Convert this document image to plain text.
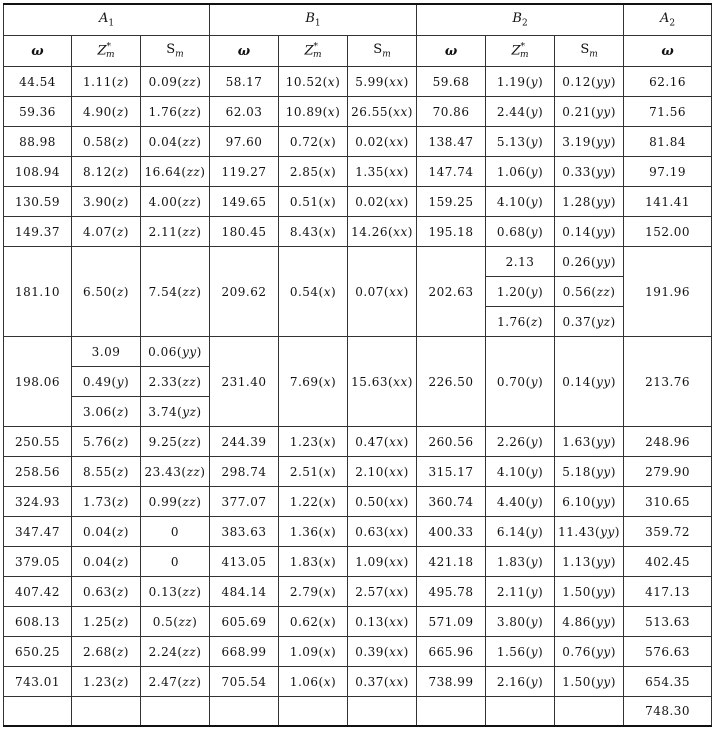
$A_1$			$B_1$			$B_2$			$A_2$
ω	$Z^*_m$	$S_m$	ω	$Z^*_m$	$S_m$	ω	$Z^*_m$	$S_m$	ω
44.54	1.11(z)	0.09(zz)	58.17	10.52(x)	5.99(xx)	59.68	1.19(y)	0.12(yy)	62.16
59.36	4.90(z)	1.76(zz)	62.03	10.89(x)	26.55(xx)	70.86	2.44(y)	0.21(yy)	71.56
88.98	0.58(z)	0.04(zz)	97.60	0.72(x)	0.02(xx)	138.47	5.13(y)	3.19(yy)	81.84
108.94	8.12(z)	16.64(zz)	119.27	2.85(x)	1.35(xx)	147.74	1.06(y)	0.33(yy)	97.19
130.59	3.90(z)	4.00(zz)	149.65	0.51(x)	0.02(xx)	159.25	4.10(y)	1.28(yy)	141.41
149.37	4.07(z)	2.11(zz)	180.45	8.43(x)	14.26(xx)	195.18	0.68(y)	0.14(yy)	152.00
181.10	6.50(z)	7.54(zz)	209.62	0.54(x)	0.07(xx)	202.63	2.13	0.26(yy)	191.96
							1.20(y)	0.56(zz)	
							1.76(z)	0.37(yz)	
198.06	3.09	0.06(yy)	231.40	7.69(x)	15.63(xx)	226.50	0.70(y)	0.14(yy)	213.76
	0.49(y)	2.33(zz)							
	3.06(z)	3.74(yz)							
250.55	5.76(z)	9.25(zz)	244.39	1.23(x)	0.47(xx)	260.56	2.26(y)	1.63(yy)	248.96
258.56	8.55(z)	23.43(zz)	298.74	2.51(x)	2.10(xx)	315.17	4.10(y)	5.18(yy)	279.90
324.93	1.73(z)	0.99(zz)	377.07	1.22(x)	0.50(xx)	360.74	4.40(y)	6.10(yy)	310.65
347.47	0.04(z)	0	383.63	1.36(x)	0.63(xx)	400.33	6.14(y)	11.43(yy)	359.72
379.05	0.04(z)	0	413.05	1.83(x)	1.09(xx)	421.18	1.83(y)	1.13(yy)	402.45
407.42	0.63(z)	0.13(zz)	484.14	2.79(x)	2.57(xx)	495.78	2.11(y)	1.50(yy)	417.13
608.13	1.25(z)	0.5(zz)	605.69	0.62(x)	0.13(xx)	571.09	3.80(y)	4.86(yy)	513.63
650.25	2.68(z)	2.24(zz)	668.99	1.09(x)	0.39(xx)	665.96	1.56(y)	0.76(yy)	576.63
743.01	1.23(z)	2.47(zz)	705.54	1.06(x)	0.37(xx)	738.99	2.16(y)	1.50(yy)	654.35
									748.30
